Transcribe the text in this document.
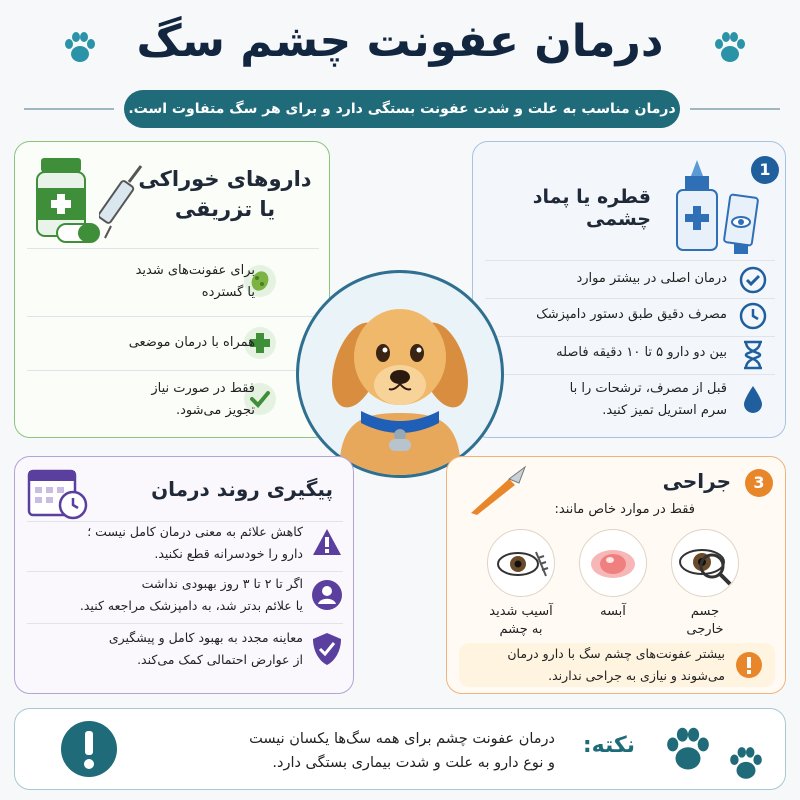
درمان عفونت چشم سگ
درمان مناسب به علت و شدت عفونت بستگی دارد و برای هر سگ متفاوت است.
داروهای خوراکی
یا تزریقی
برای عفونت‌های شدید
یا گسترده
همراه با درمان موضعی
فقط در صورت نیاز
تجویز می‌شود.
1
قطره یا پماد چشمی
درمان اصلی در بیشتر موارد
مصرف دقیق طبق دستور دامپزشک
بین دو دارو ۵ تا ۱۰ دقیقه فاصله
قبل از مصرف، ترشحات را با
سرم استریل تمیز کنید.
پیگیری روند درمان
کاهش علائم به معنی درمان کامل نیست ؛
دارو را خودسرانه قطع نکنید.
اگر تا ۲ تا ۳ روز بهبودی نداشت
یا علائم بدتر شد، به دامپزشک مراجعه کنید.
معاینه مجدد به بهبود کامل و پیشگیری
از عوارض احتمالی کمک می‌کند.
3
جراحی
فقط در موارد خاص مانند:
جسم
خارجی
آبسه
آسیب شدید
به چشم
بیشتر عفونت‌های چشم سگ با دارو درمان
می‌شوند و نیازی به جراحی ندارند.
درمان عفونت چشم برای همه سگ‌ها یکسان نیست
و نوع دارو به علت و شدت بیماری بستگی دارد.
نکته:
